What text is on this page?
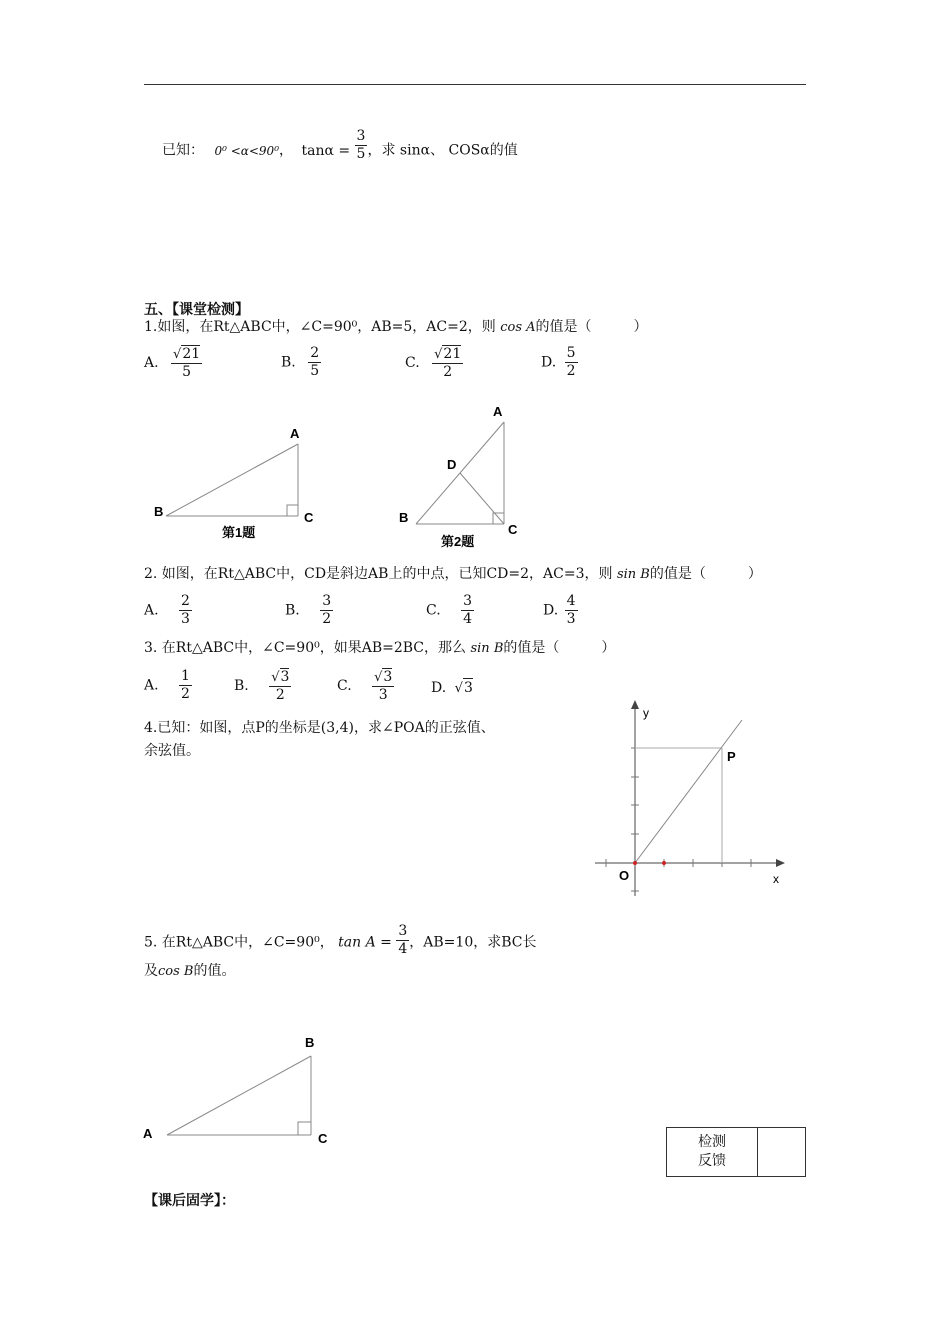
已知： 0⁰ <α<90⁰， $\tan\alpha = \frac{3}{5}$ ，求 sinα、 COSα的值
五、【课堂检测】
1.如图，在Rt△ABC中，∠C=90⁰，AB=5，AC=2，则 cos A的值是（　　　）
A. $\frac{√21}{5}$	B. $\frac{2}{5}$	C. $\frac{√21}{2}$	D. $\frac{5}{2}$
A
B	C
第1题
A
D
B
C
第2题
2. 如图，在Rt△ABC中，CD是斜边AB上的中点，已知CD=2，AC=3，则 sin B的值是（　　　）
A. $\frac{2}{3}$	B. $\frac{3}{2}$	C. $\frac{3}{4}$	D. $\frac{4}{3}$
3. 在Rt△ABC中，∠C=90⁰，如果AB=2BC，那么 sin B的值是（　　　）
A. $\frac{1}{2}$	B. $\frac{√3}{2}$	C. $\frac{√3}{3}$	D. √3
4.已知：如图，点P的坐标是(3,4)，求∠POA的正弦值、
余弦值。
y
x
O
P
5. 在Rt△ABC中，∠C=90⁰， $\tan A = \frac{3}{4}$ ，AB=10，求BC长
及cos B的值。
B
A	C	检测
反馈
【课后固学】：
